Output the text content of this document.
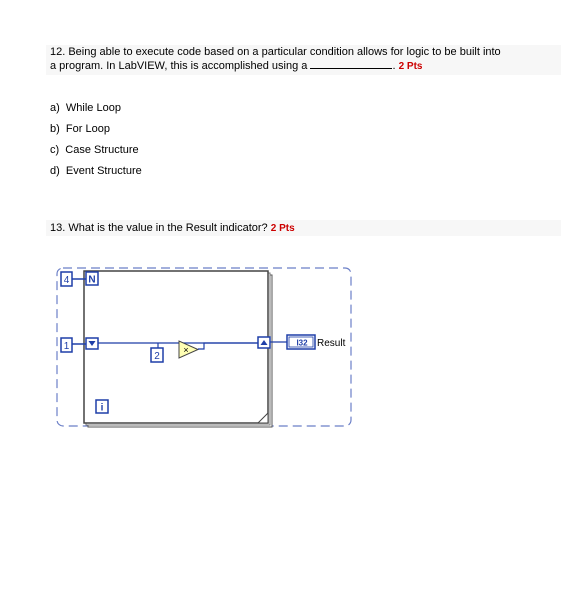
12. Being able to execute code based on a particular condition allows for logic to be built into
a program. In LabVIEW, this is accomplished using a	. 2 Pts
a) While Loop
b) For Loop
c) Case Structure
d) Event Structure
13. What is the value in the Result indicator? 2 Pts
4 N
1
2
×
I32 Result
i
